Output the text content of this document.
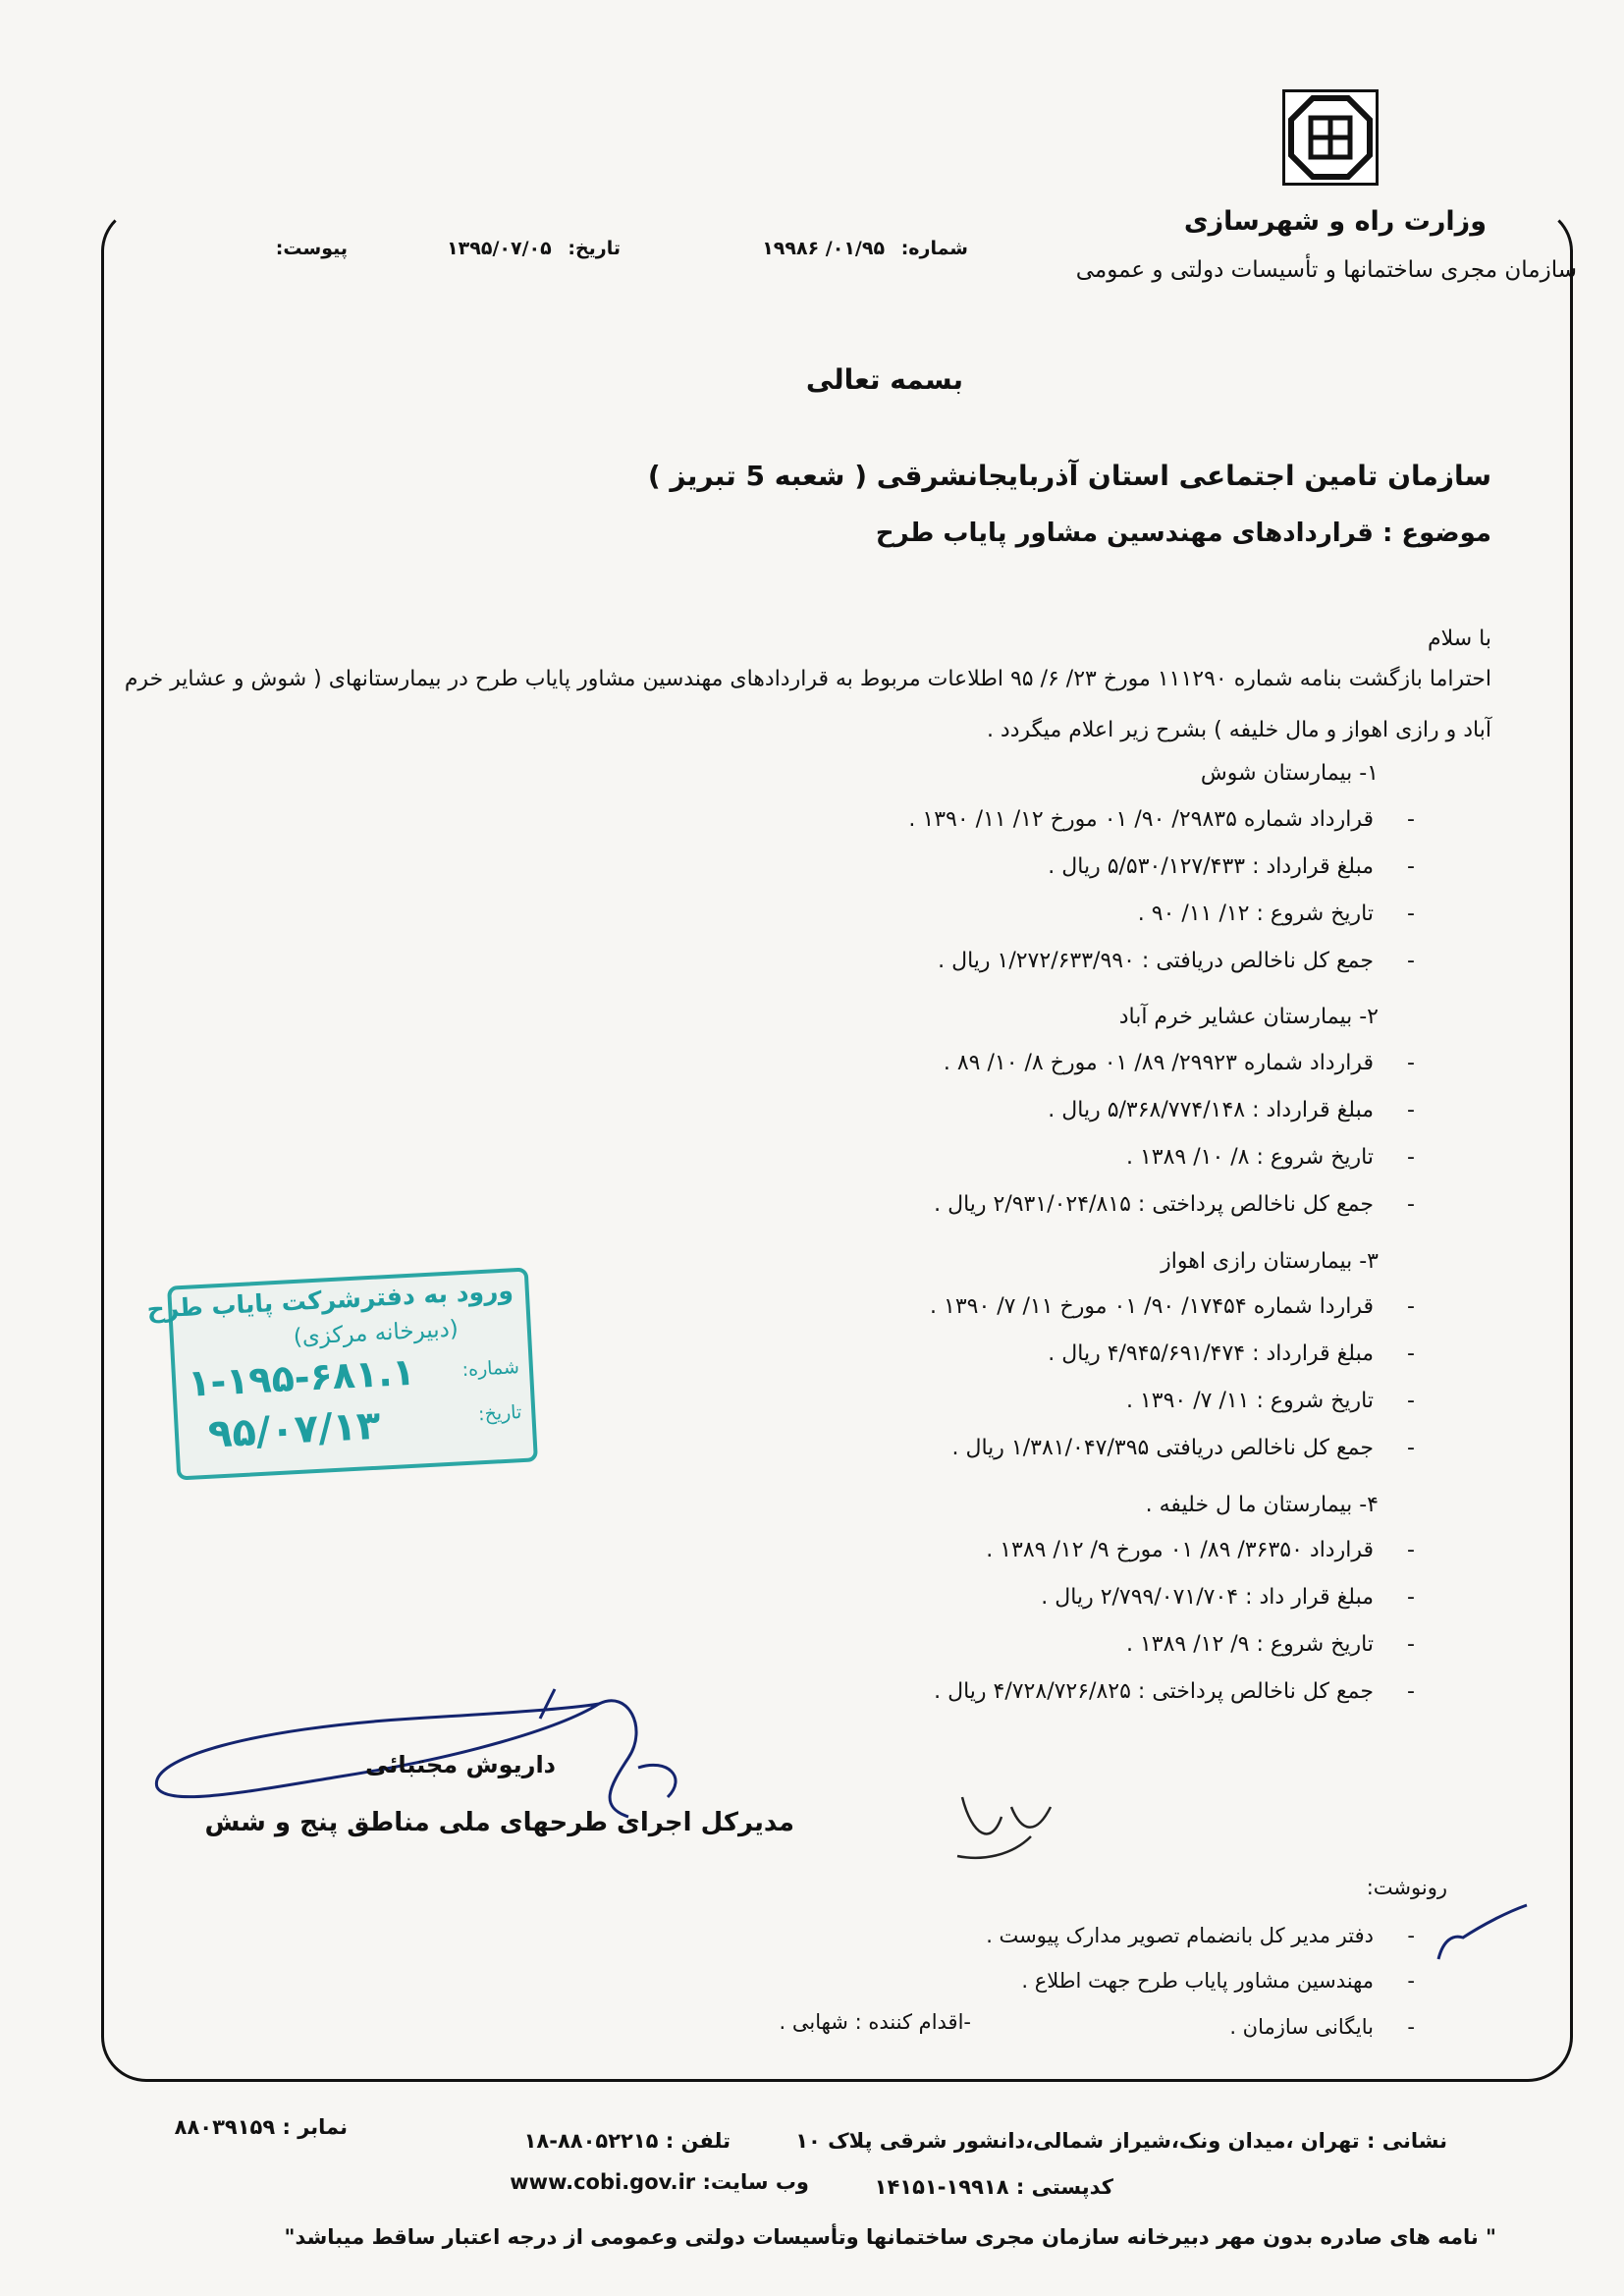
وزارت راه و شهرسازی
سازمان مجری ساختمانها و تأسیسات دولتی و عمومی
شماره: ۰۱/۹۵/ ۱۹۹۸۶
تاریخ: ۱۳۹۵/۰۷/۰۵
پیوست:
بسمه تعالی
سازمان تامین اجتماعی استان آذربایجانشرقی ( شعبه 5 تبریز )
موضوع : قراردادهای مهندسین مشاور پایاب طرح
با سلام
احتراما بازگشت بنامه شماره ۱۱۱۲۹۰ مورخ ۲۳/ ۶/ ۹۵ اطلاعات مربوط به قراردادهای مهندسین مشاور پایاب طرح در بیمارستانهای ( شوش و عشایر خرم آباد و رازی اهواز و مال خلیفه ) بشرح زیر اعلام میگردد .
۱- بیمارستان شوش
- قرارداد شماره ۲۹۸۳۵/ ۹۰/ ۰۱ مورخ ۱۲/ ۱۱/ ۱۳۹۰ .
- مبلغ قرارداد : ۵/۵۳۰/۱۲۷/۴۳۳ ریال .
- تاریخ شروع : ۱۲/ ۱۱/ ۹۰ .
- جمع کل ناخالص دریافتی : ۱/۲۷۲/۶۳۳/۹۹۰ ریال .
۲- بیمارستان عشایر خرم آباد
- قرارداد شماره ۲۹۹۲۳/ ۸۹/ ۰۱ مورخ ۸/ ۱۰/ ۸۹ .
- مبلغ قرارداد : ۵/۳۶۸/۷۷۴/۱۴۸ ریال .
- تاریخ شروع : ۸/ ۱۰/ ۱۳۸۹ .
- جمع کل ناخالص پرداختی : ۲/۹۳۱/۰۲۴/۸۱۵ ریال .
۳- بیمارستان رازی اهواز
- قرار‌دا شماره ۱۷۴۵۴/ ۹۰/ ۰۱ مورخ ۱۱/ ۷/ ۱۳۹۰ .
- مبلغ قرارداد : ۴/۹۴۵/۶۹۱/۴۷۴ ریال .
- تاریخ شروع : ۱۱/ ۷/ ۱۳۹۰ .
- جمع کل ناخالص دریافتی ۱/۳۸۱/۰۴۷/۳۹۵ ریال .
۴- بیمارستان ما ل خلیفه .
- قرارداد ۳۶۳۵۰/ ۸۹/ ۰۱ مورخ ۹/ ۱۲/ ۱۳۸۹ .
- مبلغ قرار داد : ۲/۷۹۹/۰۷۱/۷۰۴ ریال .
- تاریخ شروع : ۹/ ۱۲/ ۱۳۸۹ .
- جمع کل ناخالص پرداختی : ۴/۷۲۸/۷۲۶/۸۲۵ ریال .
ورود به دفترشرکت پایاب طرح
(دبیرخانه مرکزی)
شماره:
تاریخ:
۱-۱۹۵-۶۸۱.۱
۹۵/۰۷/۱۳
داریوش مجتبائی
مدیرکل اجرای طرحهای ملی مناطق پنج و شش
رونوشت:
- دفتر مدیر کل بانضمام تصویر مدارک پیوست .
- مهندسین مشاور پایاب طرح جهت اطلاع .
- بایگانی سازمان .
-اقدام کننده : شهابی .
نشانی : تهران ،میدان ونک،شیراز شمالی،دانشور شرقی پلاک ۱۰
تلفن : ۸۸۰۵۲۲۱۵-۱۸
نمابر : ۸۸۰۳۹۱۵۹
کدپستی : ۱۹۹۱۸-۱۴۱۵۱
وب سایت: www.cobi.gov.ir
" نامه های صادره بدون مهر دبیرخانه سازمان مجری ساختمانها وتأسیسات دولتی وعمومی از درجه اعتبار ساقط میباشد"
